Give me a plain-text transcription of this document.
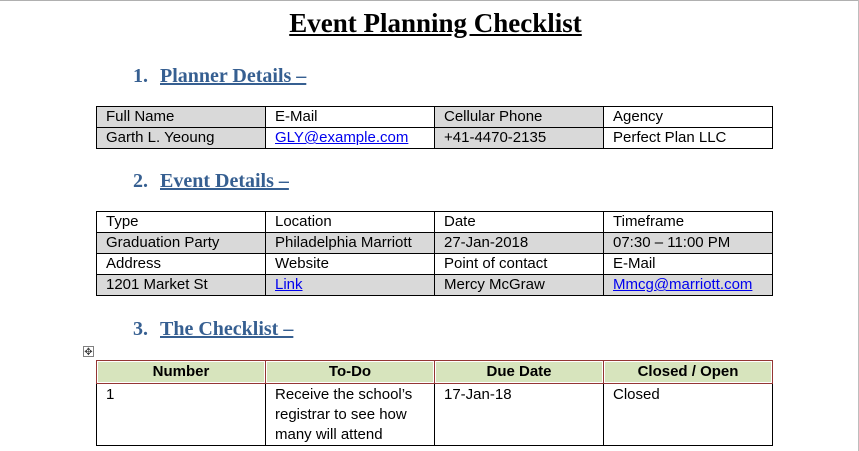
Event Planning Checklist
1. Planner Details –
Full Name	E-Mail	Cellular Phone	Agency
Garth L. Yeoung	GLY@example.com	+41-4470-2135	Perfect Plan LLC
2. Event Details –
Type	Location	Date	Timeframe
Graduation Party	Philadelphia Marriott	27-Jan-2018	07:30 – 11:00 PM
Address	Website	Point of contact	E-Mail
1201 Market St	Link	Mercy McGraw	Mmcg@marriott.com
3. The Checklist –
✥
Number	To-Do	Due Date	Closed / Open
1	Receive the school’s registrar to see how many will attend	17-Jan-18	Closed
